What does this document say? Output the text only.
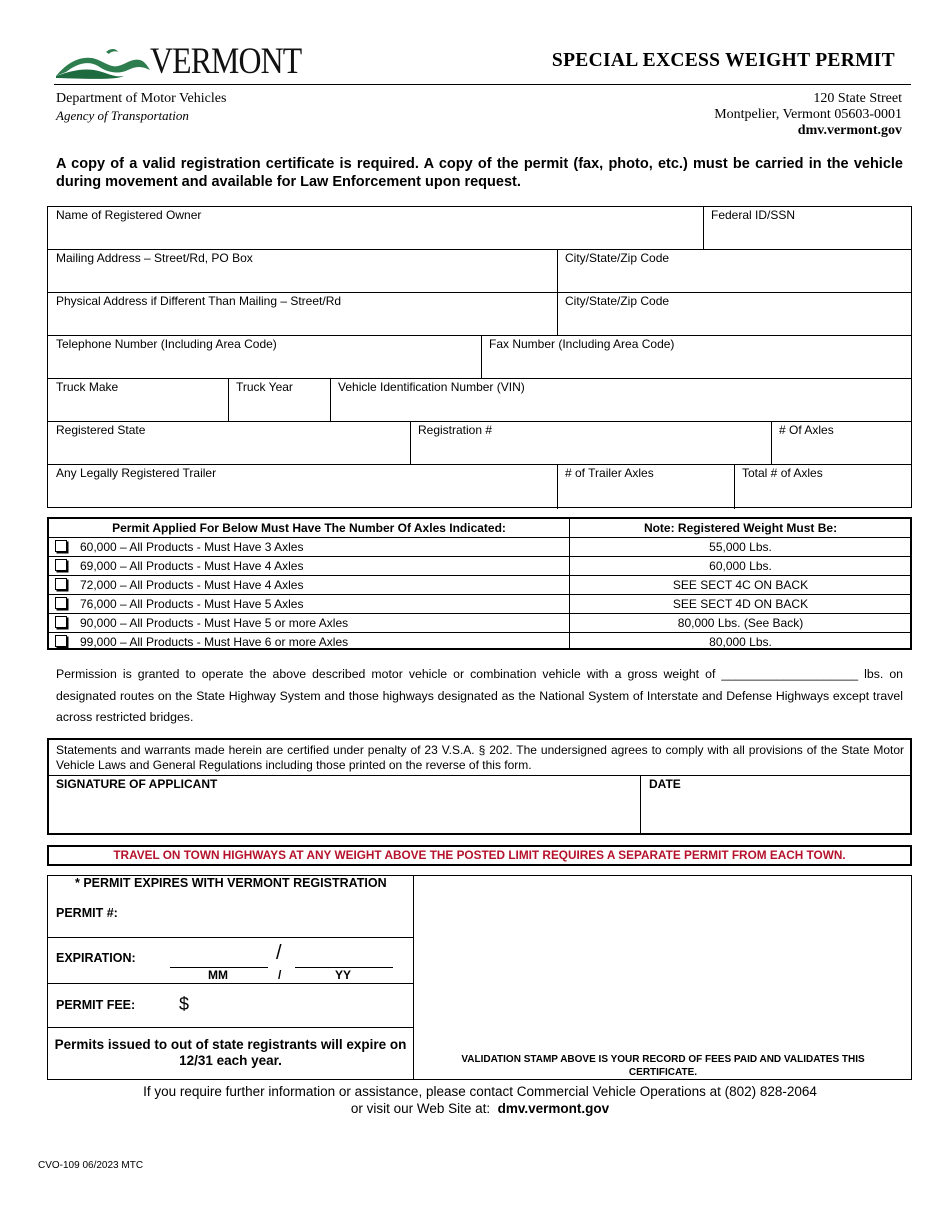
VERMONT	SPECIAL EXCESS WEIGHT PERMIT
Department of Motor Vehicles
Agency of Transportation
120 State Street
Montpelier, Vermont 05603-0001
dmv.vermont.gov
A copy of a valid registration certificate is required. A copy of the permit (fax, photo, etc.) must be carried in the vehicle during movement and available for Law Enforcement upon request.
Name of Registered Owner	Federal ID/SSN
Mailing Address – Street/Rd, PO Box	City/State/Zip Code
Physical Address if Different Than Mailing – Street/Rd	City/State/Zip Code
Telephone Number (Including Area Code)	Fax Number (Including Area Code)
Truck Make	Truck Year	Vehicle Identification Number (VIN)
Registered State	Registration #	# Of Axles
Any Legally Registered Trailer	# of Trailer Axles	Total # of Axles
Permit Applied For Below Must Have The Number Of Axles Indicated:	Note: Registered Weight Must Be:
60,000 – All Products - Must Have 3 Axles	55,000 Lbs.
69,000 – All Products - Must Have 4 Axles	60,000 Lbs.
72,000 – All Products - Must Have 4 Axles	SEE SECT 4C ON BACK
76,000 – All Products - Must Have 5 Axles	SEE SECT 4D ON BACK
90,000 – All Products - Must Have 5 or more Axles	80,000 Lbs. (See Back)
99,000 – All Products - Must Have 6 or more Axles	80,000 Lbs.
Permission is granted to operate the above described motor vehicle or combination vehicle with a gross weight of ____________________ lbs. on designated routes on the State Highway System and those highways designated as the National System of Interstate and Defense Highways except travel across restricted bridges.
Statements and warrants made herein are certified under penalty of 23 V.S.A. § 202. The undersigned agrees to comply with all provisions of the State Motor Vehicle Laws and General Regulations including those printed on the reverse of this form.
SIGNATURE OF APPLICANT	DATE
TRAVEL ON TOWN HIGHWAYS AT ANY WEIGHT ABOVE THE POSTED LIMIT REQUIRES A SEPARATE PERMIT FROM EACH TOWN.
* PERMIT EXPIRES WITH VERMONT REGISTRATION
PERMIT #:
EXPIRATION:	/
MM	/	YY
PERMIT FEE: $
Permits issued to out of state registrants will expire on 12/31 each year.	VALIDATION STAMP ABOVE IS YOUR RECORD OF FEES PAID AND VALIDATES THIS CERTIFICATE.
If you require further information or assistance, please contact Commercial Vehicle Operations at (802) 828-2064
or visit our Web Site at: dmv.vermont.gov
CVO-109 06/2023 MTC
